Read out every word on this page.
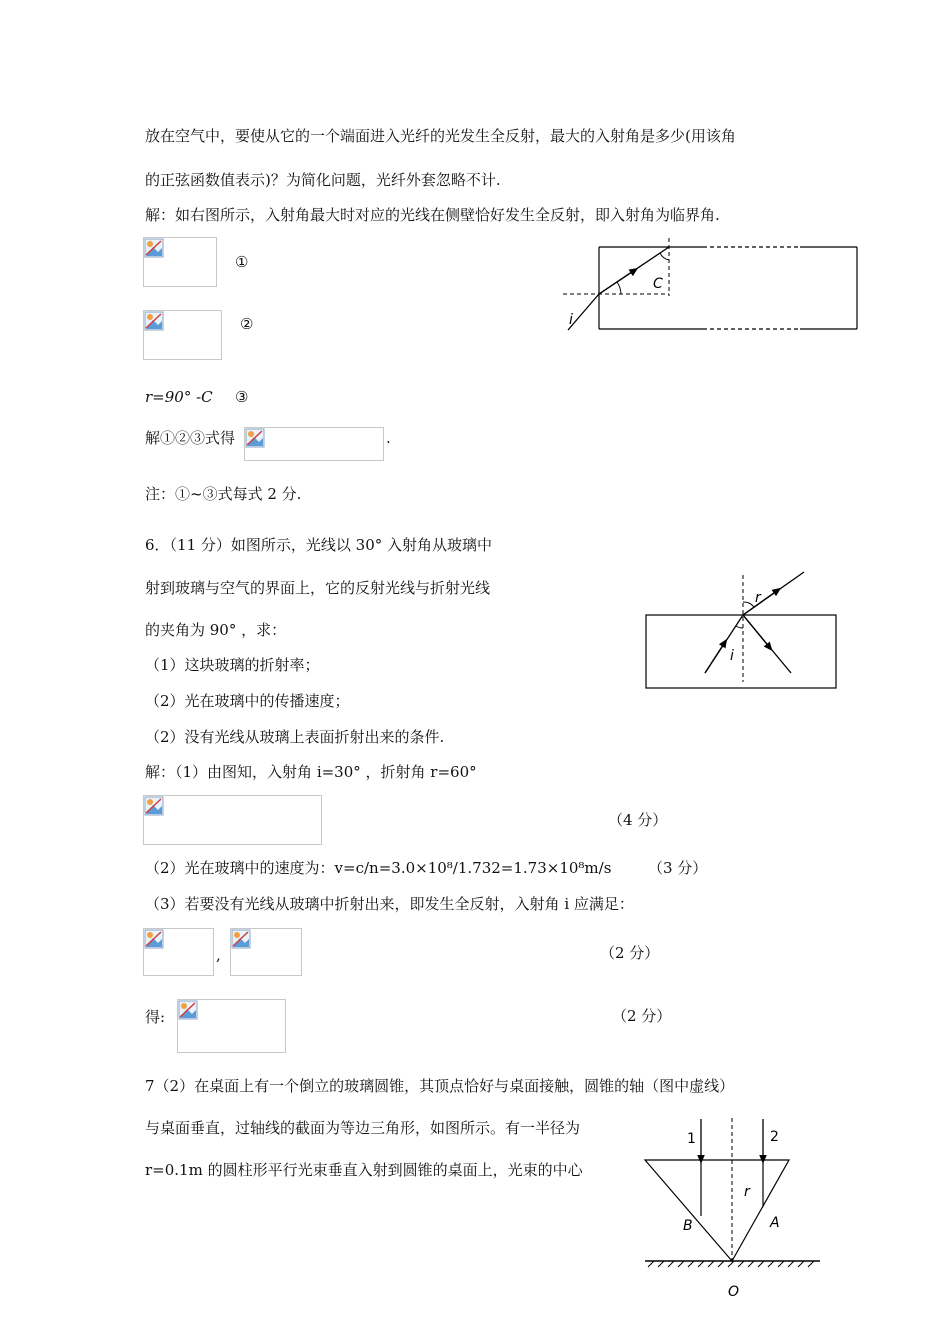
放在空气中，要使从它的一个端面进入光纤的光发生全反射，最大的入射角是多少(用该角
的正弦函数值表示)？为简化问题，光纤外套忽略不计.
解：如右图所示，入射角最大时对应的光线在侧壁恰好发生全反射，即入射角为临界角.
①
②
r=90° -C ③
解①②③式得	.
注：①~③式每式 2 分.
C
i
6．（11 分）如图所示，光线以 30° 入射角从玻璃中
射到玻璃与空气的界面上，它的反射光线与折射光线
的夹角为 90° ，求：
（1）这块玻璃的折射率；
（2）光在玻璃中的传播速度；
（2）没有光线从玻璃上表面折射出来的条件.
解：（1）由图知，入射角 i=30° ，折射角 r=60°
（4 分）
（2）光在玻璃中的速度为：v=c/n=3.0×10⁸/1.732=1.73×10⁸m/s （3 分）
（3）若要没有光线从玻璃中折射出来，即发生全反射，入射角 i 应满足：
,	（2 分）
得:	（2 分）
r
i
7（2）在桌面上有一个倒立的玻璃圆锥，其顶点恰好与桌面接触，圆锥的轴（图中虚线）
与桌面垂直，过轴线的截面为等边三角形，如图所示。有一半径为
r=0.1m 的圆柱形平行光束垂直入射到圆锥的桌面上，光束的中心
1	2
r
B	A
O
